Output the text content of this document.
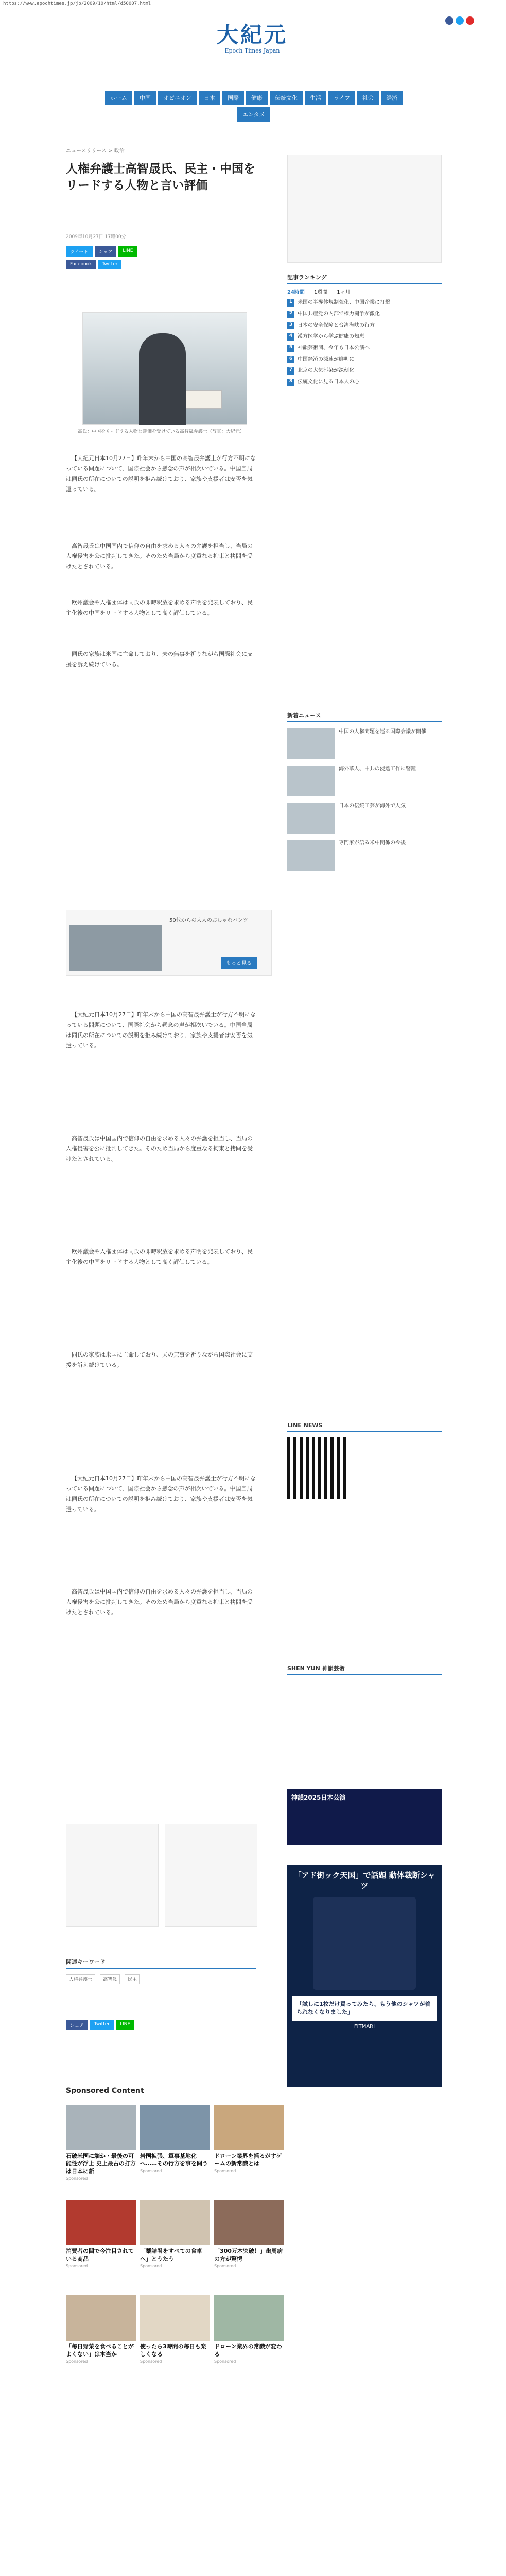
https://www.epochtimes.jp/jp/2009/10/html/d50007.html
大紀元
Epoch Times Japan
ホーム	中国	オピニオン	日本	国際	健康	伝統文化	生活	ライフ	社会	経済
エンタメ
ニュースリリース > 政治
人権弁護士高智晟氏、民主・中国をリードする人物と言い評価
2009年10月27日 17時00分
ツイート	シェア	LINE
Facebook	Twitter
高氏：中国をリードする人物と評価を受けている高智晟弁護士（写真：大紀元）

【大紀元日本10月27日】昨年末から中国の高智晟弁護士が行方不明になっている問題について、国際社会から懸念の声が相次いでいる。中国当局は同氏の所在についての説明を拒み続けており、家族や支援者は安否を気遣っている。

高智晟氏は中国国内で信仰の自由を求める人々の弁護を担当し、当局の人権侵害を公に批判してきた。そのため当局から度重なる拘束と拷問を受けたとされている。

欧州議会や人権団体は同氏の即時釈放を求める声明を発表しており、民主化後の中国をリードする人物として高く評価している。

同氏の家族は米国に亡命しており、夫の無事を祈りながら国際社会に支援を訴え続けている。

50代からの大人のおしゃれパンツ
もっと見る

【大紀元日本10月27日】昨年末から中国の高智晟弁護士が行方不明になっている問題について、国際社会から懸念の声が相次いでいる。中国当局は同氏の所在についての説明を拒み続けており、家族や支援者は安否を気遣っている。

高智晟氏は中国国内で信仰の自由を求める人々の弁護を担当し、当局の人権侵害を公に批判してきた。そのため当局から度重なる拘束と拷問を受けたとされている。

欧州議会や人権団体は同氏の即時釈放を求める声明を発表しており、民主化後の中国をリードする人物として高く評価している。

同氏の家族は米国に亡命しており、夫の無事を祈りながら国際社会に支援を訴え続けている。

【大紀元日本10月27日】昨年末から中国の高智晟弁護士が行方不明になっている問題について、国際社会から懸念の声が相次いでいる。中国当局は同氏の所在についての説明を拒み続けており、家族や支援者は安否を気遣っている。

高智晟氏は中国国内で信仰の自由を求める人々の弁護を担当し、当局の人権侵害を公に批判してきた。そのため当局から度重なる拘束と拷問を受けたとされている。

関連キーワード
人権弁護士 高智晟 民主
シェア	Twitter	LINE
Sponsored Content
石破米国に端か・最後の可能性が浮上 史上最古の打方は日本に新
Sponsored
岩国拡張、軍事基地化へ……その行方を事を問う
Sponsored
ドローン業界を揺るがすゲームの新常識とは
Sponsored
消費者の間で今注目されている商品
Sponsored
「藁詰肴をすべての食卓へ」とうたう
Sponsored
「300万本突破！」歯周病の方が驚愕
Sponsored
「毎日野菜を食べることがよくない」は本当か
Sponsored
使ったら3時間の毎日も楽しくなる
Sponsored
ドローン業界の常識が変わる
Sponsored
記事ランキング
24時間 1週間 1ヶ月
1 米国の半導体規制強化、中国企業に打撃
2 中国共産党の内部で権力闘争が激化
3 日本の安全保障と台湾海峡の行方
4 漢方医学から学ぶ健康の知恵
5 神韻芸術団、今年も日本公演へ
6 中国経済の減速が鮮明に
7 北京の大気汚染が深刻化
8 伝統文化に見る日本人の心
新着ニュース
中国の人権問題を巡る国際会議が開催
海外華人、中共の浸透工作に警鐘
日本の伝統工芸が海外で人気
専門家が語る米中関係の今後
LINE NEWS
SHEN YUN 神韻芸術
神韻2025日本公演
「アド街ック天国」で話題 動体裁断シャツ
「試しに1枚だけ買ってみたら、もう他のシャツが着られなくなりました」
FITMARI
